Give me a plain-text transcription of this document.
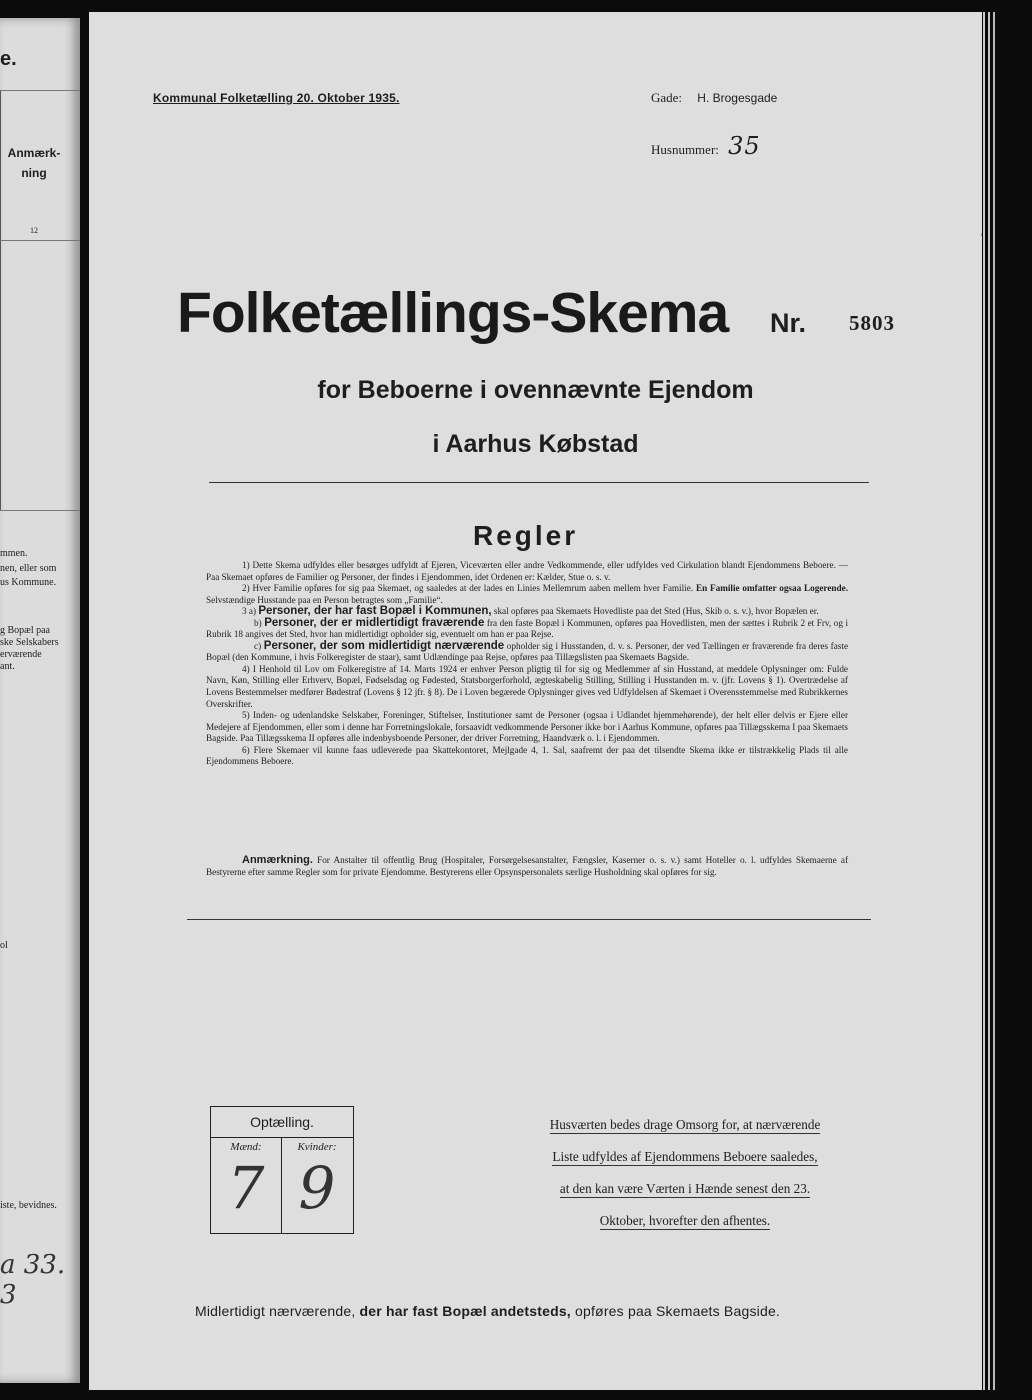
e.
Anmærk-
ning
12
mmen.
nen, eller som
us Kommune.
g Bopæl paa
ske Selskabers
erværende
ant.
ol
iste, bevidnes.
a 33. 3
Kommunal Folketælling 20. Oktober 1935.	Gade: H. Brogesgade
Husnummer: 35
Folketællings-Skema Nr. 5803
for Beboerne i ovennævnte Ejendom
i Aarhus Købstad
Regler

1) Dette Skema udfyldes eller besørges udfyldt af Ejeren, Viceværten eller andre Vedkommende, eller udfyldes ved Cirkulation blandt Ejendommens Beboere. — Paa Skemaet opføres de Familier og Personer, der findes i Ejendommen, idet Ordenen er: Kælder, Stue o. s. v.

2) Hver Familie opføres for sig paa Skemaet, og saaledes at der lades en Linies Mellemrum aaben mellem hver Familie. En Familie omfatter ogsaa Logerende. Selvstændige Husstande paa en Person betragtes som „Familie“.

3 a) Personer, der har fast Bopæl i Kommunen, skal opføres paa Skemaets Hovedliste paa det Sted (Hus, Skib o. s. v.), hvor Bopælen er.

b) Personer, der er midlertidigt fraværende fra den faste Bopæl i Kommunen, opføres paa Hovedlisten, men der sættes i Rubrik 2 et Frv, og i Rubrik 18 angives det Sted, hvor han midlertidigt opholder sig, eventuelt om han er paa Rejse.

c) Personer, der som midlertidigt nærværende opholder sig i Husstanden, d. v. s. Personer, der ved Tællingen er fraværende fra deres faste Bopæl (den Kommune, i hvis Folkeregister de staar), samt Udlændinge paa Rejse, opføres paa Tillægslisten paa Skemaets Bagside.

4) I Henhold til Lov om Folkeregistre af 14. Marts 1924 er enhver Person pligtig til for sig og Medlemmer af sin Husstand, at meddele Oplysninger om: Fulde Navn, Køn, Stilling eller Erhverv, Bopæl, Fødselsdag og Fødested, Statsborgerforhold, ægteskabelig Stilling, Stilling i Husstanden m. v. (jfr. Lovens § 1). Overtrædelse af Lovens Bestemmelser medfører Bødestraf (Lovens § 12 jfr. § 8). De i Loven begærede Oplysninger gives ved Udfyldelsen af Skemaet i Overensstemmelse med Rubrikkernes Overskrifter.

5) Inden- og udenlandske Selskaber, Foreninger, Stiftelser, Institutioner samt de Personer (ogsaa i Udlandet hjemmehørende), der helt eller delvis er Ejere eller Medejere af Ejendommen, eller som i denne har Forretningslokale, forsaavidt vedkommende Personer ikke bor i Aarhus Kommune, opføres paa Tillægsskema I paa Skemaets Bagside. Paa Tillægsskema II opføres alle indenbysboende Personer, der driver Forretning, Haandværk o. l. i Ejendommen.

6) Flere Skemaer vil kunne faas udleverede paa Skattekontoret, Mejlgade 4, 1. Sal, saafremt der paa det tilsendte Skema ikke er tilstrækkelig Plads til alle Ejendommens Beboere.

Anmærkning. For Anstalter til offentlig Brug (Hospitaler, Forsørgelsesanstalter, Fængsler, Kaserner o. s. v.) samt Hoteller o. l. udfyldes Skemaerne af Bestyrerne efter samme Regler som for private Ejendomme. Bestyrerens eller Opsynspersonalets særlige Husholdning skal opføres for sig.
Optælling.
Mænd:
7
Kvinder:
9
Husværten bedes drage Omsorg for, at nærværende
Liste udfyldes af Ejendommens Beboere saaledes,
at den kan være Værten i Hænde senest den 23.
Oktober, hvorefter den afhentes.
Midlertidigt nærværende, der har fast Bopæl andetsteds, opføres paa Skemaets Bagside.
